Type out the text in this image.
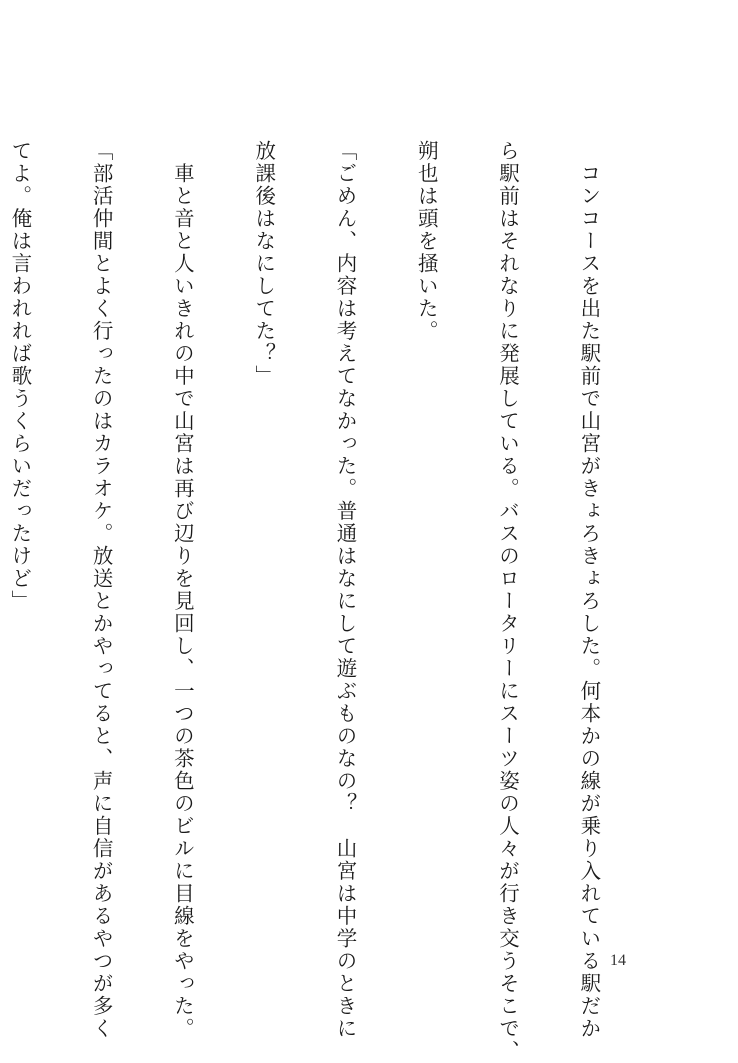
　コンコースを出た駅前で山宮がきょろきょろした。何本かの線が乗り入れている駅だか

ら駅前はそれなりに発展している。バスのロータリーにスーツ姿の人々が行き交うそこで、

朔也は頭を掻いた。

「ごめん、内容は考えてなかった。普通はなにして遊ぶものなの？　山宮は中学のときに

放課後はなにしてた？」

　車と音と人いきれの中で山宮は再び辺りを見回し、一つの茶色のビルに目線をやった。

「部活仲間とよく行ったのはカラオケ。放送とかやってると、声に自信があるやつが多く

てよ。俺は言われれば歌うくらいだったけど」

14
